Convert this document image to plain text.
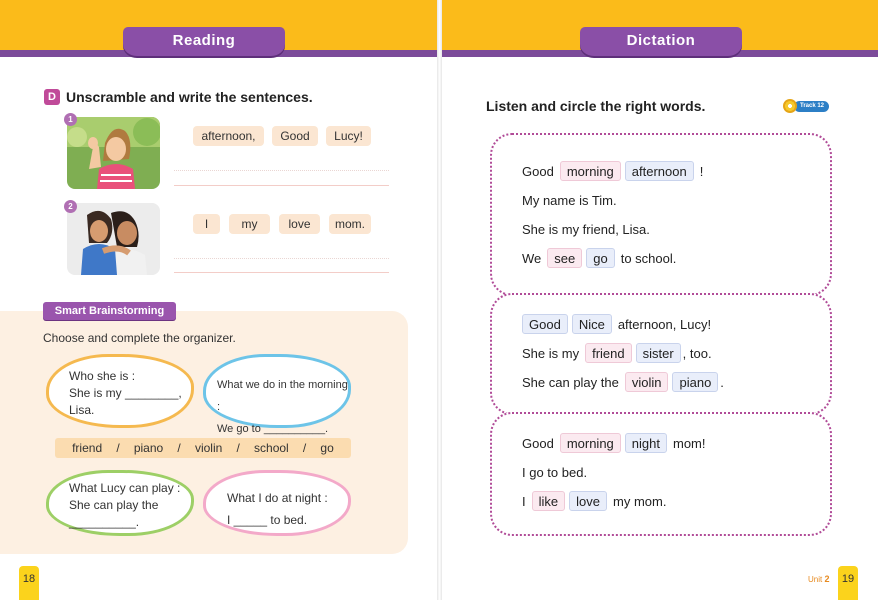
Reading	Dictation
D Unscramble and write the sentences.
1
afternoon,	Good	Lucy!
2
I	my	love	mom.
Smart Brainstorming
Choose and complete the organizer.
Who she is :
She is my ________,
Lisa.
What we do in the morning :
We go to __________.
friend / piano / violin / school / go
What Lucy can play :
She can play the
__________.
What I do at night :
I _____ to bed.
18
Listen and circle the right words.	Track 12
Good	morning	afternoon	!
My name is Tim.
She is my friend, Lisa.
We	see	go	to school.
Good	Nice	afternoon, Lucy!
She is my	friend	sister , too.
She can play the	violin	piano .
Good	morning	night	mom!
I go to bed.
I	like	love	my mom.
Unit 2	19
